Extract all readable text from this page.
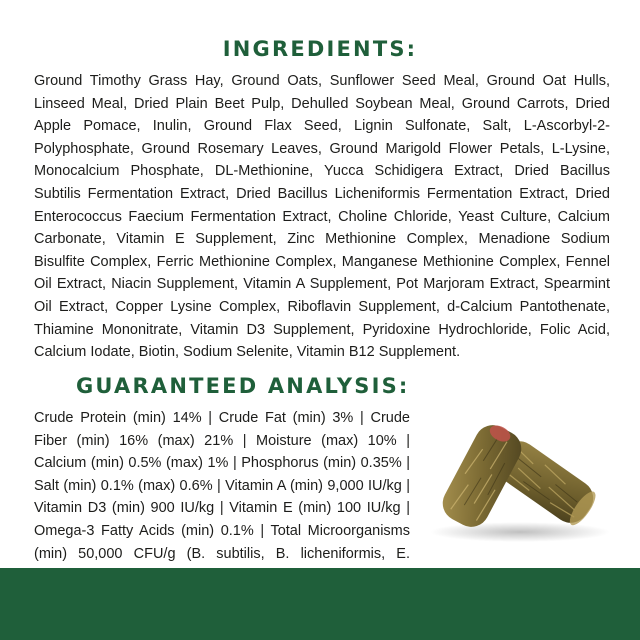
INGREDIENTS:

Ground Timothy Grass Hay, Ground Oats, Sunflower Seed Meal, Ground Oat Hulls, Linseed Meal, Dried Plain Beet Pulp, Dehulled Soybean Meal, Ground Carrots, Dried Apple Pomace, Inulin, Ground Flax Seed, Lignin Sulfonate, Salt, L-Ascorbyl-2-Polyphosphate, Ground Rosemary Leaves, Ground Marigold Flower Petals, L-Lysine, Monocalcium Phosphate, DL-Methionine, Yucca Schidigera Extract, Dried Bacillus Subtilis Fermentation Extract, Dried Bacillus Licheniformis Fermentation Extract, Dried Enterococcus Faecium Fermentation Extract, Choline Chloride, Yeast Culture, Calcium Carbonate, Vitamin E Supplement, Zinc Methionine Complex, Menadione Sodium Bisulfite Complex, Ferric Methionine Complex, Manganese Methionine Complex, Fennel Oil Extract, Niacin Supplement, Vitamin A Supplement, Pot Marjoram Extract, Spearmint Oil Extract, Copper Lysine Complex, Riboflavin Supplement, d-Calcium Pantothenate, Thiamine Mononitrate, Vitamin D3 Supplement, Pyridoxine Hydrochloride, Folic Acid, Calcium Iodate, Biotin, Sodium Selenite, Vitamin B12 Supplement.

GUARANTEED ANALYSIS:

Crude Protein (min) 14% | Crude Fat (min) 3% | Crude Fiber (min) 16% (max) 21% | Moisture (max) 10% | Calcium (min) 0.5% (max) 1% | Phosphorus (min) 0.35% | Salt (min) 0.1% (max) 0.6% | Vitamin A (min) 9,000 IU/kg | Vitamin D3 (min) 900 IU/kg | Vitamin E (min) 100 IU/kg | Omega-3 Fatty Acids (min) 0.1% | Total Microorganisms (min) 50,000 CFU/g (B. subtilis, B. licheniformis, E.
